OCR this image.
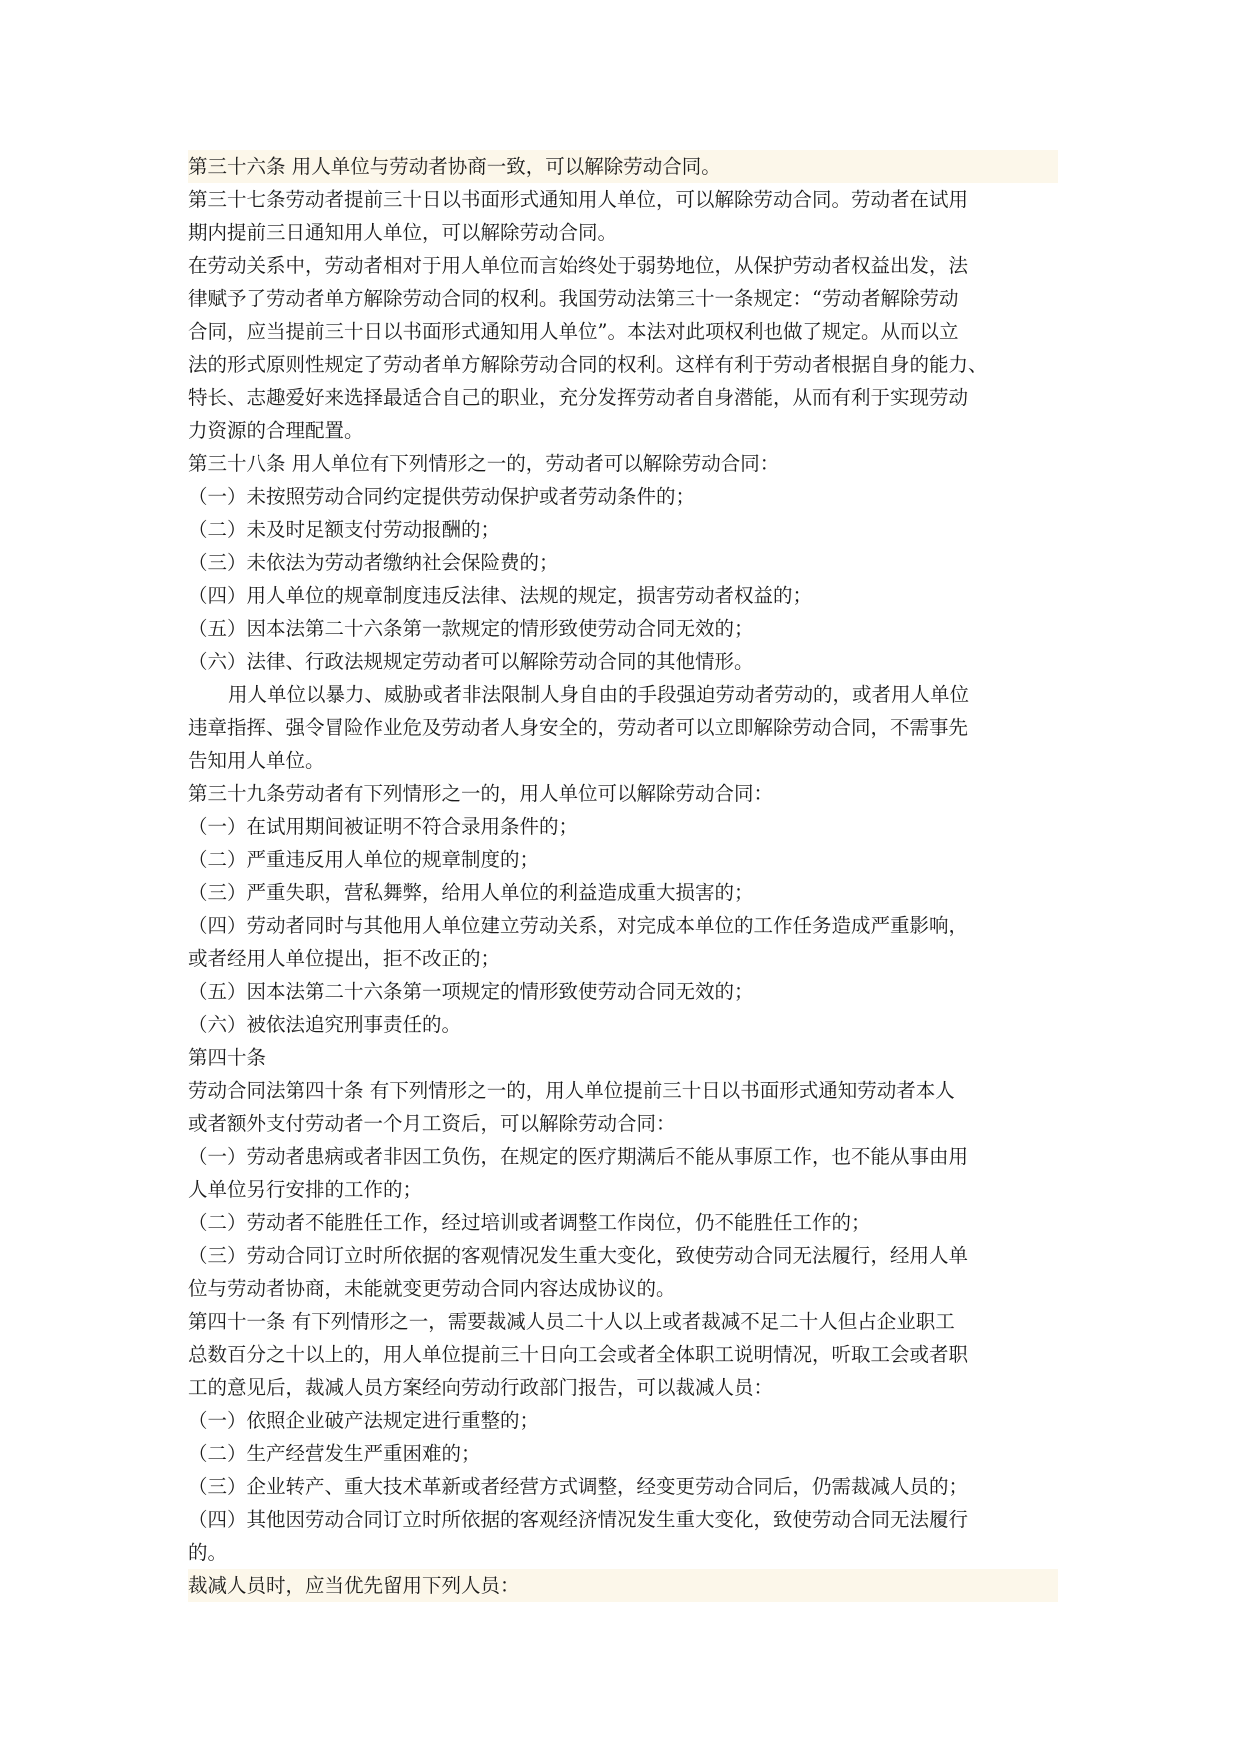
第三十六条 用人单位与劳动者协商一致，可以解除劳动合同。
第三十七条劳动者提前三十日以书面形式通知用人单位，可以解除劳动合同。劳动者在试用
期内提前三日通知用人单位，可以解除劳动合同。
在劳动关系中，劳动者相对于用人单位而言始终处于弱势地位，从保护劳动者权益出发，法
律赋予了劳动者单方解除劳动合同的权利。我国劳动法第三十一条规定：“劳动者解除劳动
合同，应当提前三十日以书面形式通知用人单位”。本法对此项权利也做了规定。从而以立
法的形式原则性规定了劳动者单方解除劳动合同的权利。这样有利于劳动者根据自身的能力、
特长、志趣爱好来选择最适合自己的职业，充分发挥劳动者自身潜能，从而有利于实现劳动
力资源的合理配置。
第三十八条 用人单位有下列情形之一的，劳动者可以解除劳动合同：
（一）未按照劳动合同约定提供劳动保护或者劳动条件的；
（二）未及时足额支付劳动报酬的；
（三）未依法为劳动者缴纳社会保险费的；
（四）用人单位的规章制度违反法律、法规的规定，损害劳动者权益的；
（五）因本法第二十六条第一款规定的情形致使劳动合同无效的；
（六）法律、行政法规规定劳动者可以解除劳动合同的其他情形。
用人单位以暴力、威胁或者非法限制人身自由的手段强迫劳动者劳动的，或者用人单位
违章指挥、强令冒险作业危及劳动者人身安全的，劳动者可以立即解除劳动合同，不需事先
告知用人单位。
第三十九条劳动者有下列情形之一的，用人单位可以解除劳动合同：
（一）在试用期间被证明不符合录用条件的；
（二）严重违反用人单位的规章制度的；
（三）严重失职，营私舞弊，给用人单位的利益造成重大损害的；
（四）劳动者同时与其他用人单位建立劳动关系，对完成本单位的工作任务造成严重影响，
或者经用人单位提出，拒不改正的；
（五）因本法第二十六条第一项规定的情形致使劳动合同无效的；
（六）被依法追究刑事责任的。
第四十条
劳动合同法第四十条 有下列情形之一的，用人单位提前三十日以书面形式通知劳动者本人
或者额外支付劳动者一个月工资后，可以解除劳动合同：
（一）劳动者患病或者非因工负伤，在规定的医疗期满后不能从事原工作，也不能从事由用
人单位另行安排的工作的；
（二）劳动者不能胜任工作，经过培训或者调整工作岗位，仍不能胜任工作的；
（三）劳动合同订立时所依据的客观情况发生重大变化，致使劳动合同无法履行，经用人单
位与劳动者协商，未能就变更劳动合同内容达成协议的。
第四十一条 有下列情形之一，需要裁减人员二十人以上或者裁减不足二十人但占企业职工
总数百分之十以上的，用人单位提前三十日向工会或者全体职工说明情况，听取工会或者职
工的意见后，裁减人员方案经向劳动行政部门报告，可以裁减人员：
（一）依照企业破产法规定进行重整的；
（二）生产经营发生严重困难的；
（三）企业转产、重大技术革新或者经营方式调整，经变更劳动合同后，仍需裁减人员的；
（四）其他因劳动合同订立时所依据的客观经济情况发生重大变化，致使劳动合同无法履行
的。
裁减人员时，应当优先留用下列人员：
